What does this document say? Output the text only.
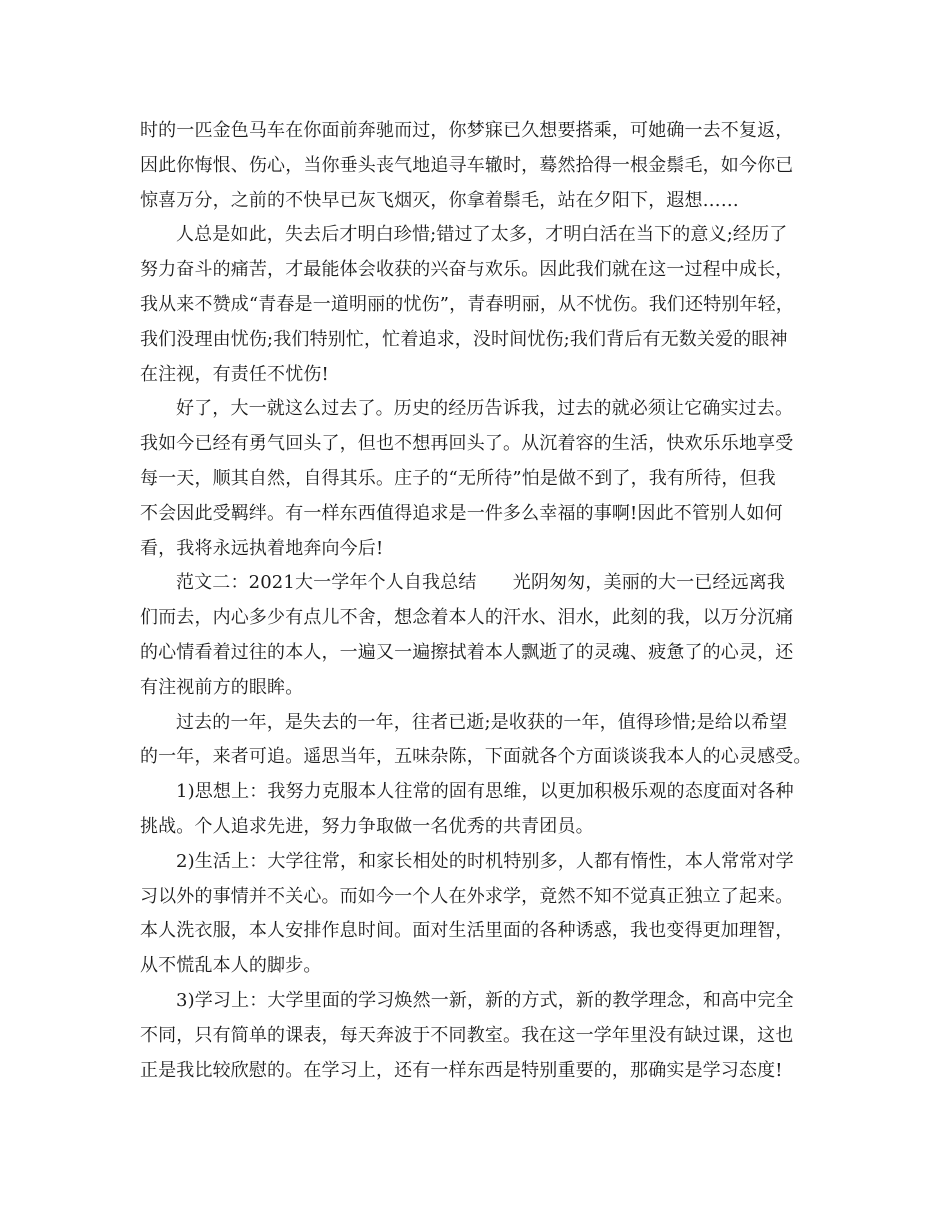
时的一匹金色马车在你面前奔驰而过，你梦寐已久想要搭乘，可她确一去不复返，
因此你悔恨、伤心，当你垂头丧气地追寻车辙时，蓦然拾得一根金鬃毛，如今你已
惊喜万分，之前的不快早已灰飞烟灭，你拿着鬃毛，站在夕阳下，遐想……
人总是如此，失去后才明白珍惜;错过了太多，才明白活在当下的意义;经历了
努力奋斗的痛苦，才最能体会收获的兴奋与欢乐。因此我们就在这一过程中成长，
我从来不赞成“青春是一道明丽的忧伤”，青春明丽，从不忧伤。我们还特别年轻，
我们没理由忧伤;我们特别忙，忙着追求，没时间忧伤;我们背后有无数关爱的眼神
在注视，有责任不忧伤!
好了，大一就这么过去了。历史的经历告诉我，过去的就必须让它确实过去。
我如今已经有勇气回头了，但也不想再回头了。从沉着容的生活，快欢乐乐地享受
每一天，顺其自然，自得其乐。庄子的“无所待”怕是做不到了，我有所待，但我
不会因此受羁绊。有一样东西值得追求是一件多么幸福的事啊!因此不管别人如何
看，我将永远执着地奔向今后!
范文二：2021大一学年个人自我总结　　光阴匆匆，美丽的大一已经远离我
们而去，内心多少有点儿不舍，想念着本人的汗水、泪水，此刻的我，以万分沉痛
的心情看着过往的本人，一遍又一遍擦拭着本人飘逝了的灵魂、疲惫了的心灵，还
有注视前方的眼眸。
过去的一年，是失去的一年，往者已逝;是收获的一年，值得珍惜;是给以希望
的一年，来者可追。遥思当年，五味杂陈，下面就各个方面谈谈我本人的心灵感受。
1)思想上：我努力克服本人往常的固有思维，以更加积极乐观的态度面对各种
挑战。个人追求先进，努力争取做一名优秀的共青团员。
2)生活上：大学往常，和家长相处的时机特别多，人都有惰性，本人常常对学
习以外的事情并不关心。而如今一个人在外求学，竟然不知不觉真正独立了起来。
本人洗衣服，本人安排作息时间。面对生活里面的各种诱惑，我也变得更加理智，
从不慌乱本人的脚步。
3)学习上：大学里面的学习焕然一新，新的方式，新的教学理念，和高中完全
不同，只有简单的课表，每天奔波于不同教室。我在这一学年里没有缺过课，这也
正是我比较欣慰的。在学习上，还有一样东西是特别重要的，那确实是学习态度!
